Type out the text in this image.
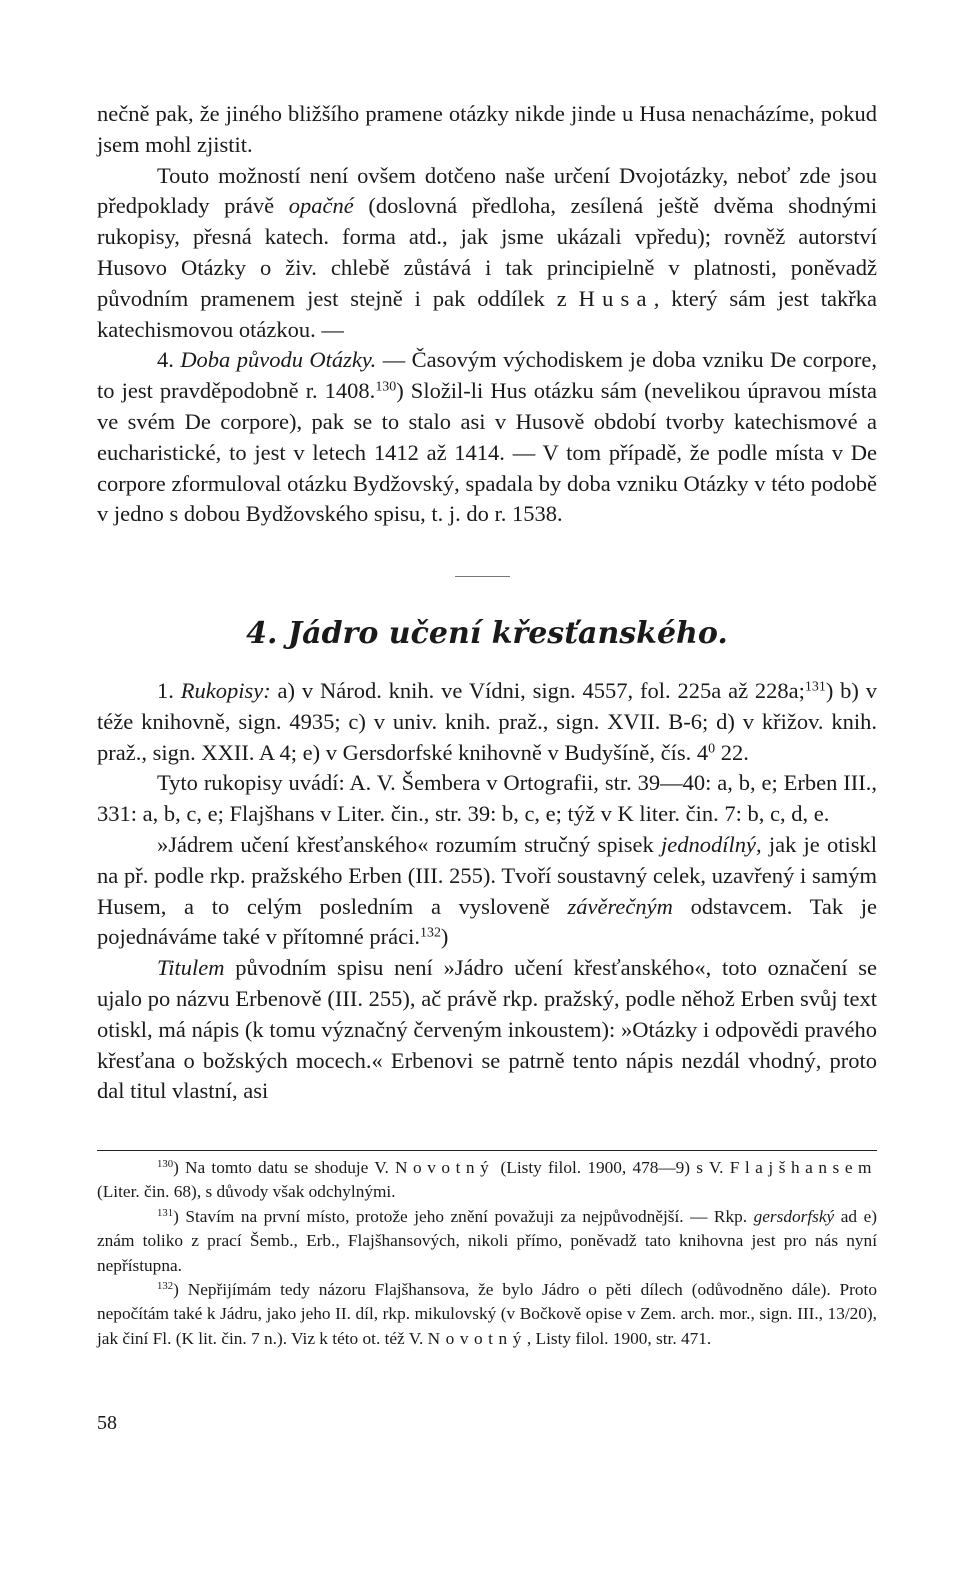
nečně pak, že jiného bližšího pramene otázky nikde jinde u Husa nenacházíme, pokud jsem mohl zjistit.

Touto možností není ovšem dotčeno naše určení Dvojotázky, neboť zde jsou předpoklady právě opačné (doslovná předloha, zesílená ještě dvěma shodnými rukopisy, přesná katech. forma atd., jak jsme ukázali vpředu); rovněž autorství Husovo Otázky o živ. chlebě zůstává i tak principielně v platnosti, poněvadž původním pramenem jest stejně i pak oddílek z Husa, který sám jest takřka katechismovou otázkou. —

4. Doba původu Otázky. — Časovým východiskem je doba vzniku De corpore, to jest pravděpodobně r. 1408.$^{130}$) Složil-li Hus otázku sám (nevelikou úpravou místa ve svém De corpore), pak se to stalo asi v Husově období tvorby katechismové a eucharistické, to jest v letech 1412 až 1414. — V tom případě, že podle místa v De corpore zformuloval otázku Bydžovský, spadala by doba vzniku Otázky v této podobě v jedno s dobou Bydžovského spisu, t. j. do r. 1538.

4. Jádro učení křesťanského.

1. Rukopisy: a) v Národ. knih. ve Vídni, sign. 4557, fol. 225a až 228a;$^{131}$) b) v téže knihovně, sign. 4935; c) v univ. knih. praž., sign. XVII. B-6; d) v křižov. knih. praž., sign. XXII. A 4; e) v Gersdorfské knihovně v Budyšíně, čís. $4^0$ 22.

Tyto rukopisy uvádí: A. V. Šembera v Ortografii, str. 39—40: a, b, e; Erben III., 331: a, b, c, e; Flajšhans v Liter. čin., str. 39: b, c, e; týž v K liter. čin. 7: b, c, d, e.

»Jádrem učení křesťanského« rozumím stručný spisek jednodílný, jak je otiskl na př. podle rkp. pražského Erben (III. 255). Tvoří soustavný celek, uzavřený i samým Husem, a to celým posledním a vysloveně závěrečným odstavcem. Tak je pojednáváme také v přítomné práci.$^{132}$)

Titulem původním spisu není »Jádro učení křesťanského«, toto označení se ujalo po názvu Erbenově (III. 255), ač právě rkp. pražský, podle něhož Erben svůj text otiskl, má nápis (k tomu význačný červeným inkoustem): »Otázky i odpovědi pravého křesťana o božských mocech.« Erbenovi se patrně tento nápis nezdál vhodný, proto dal titul vlastní, asi

$^{130}$) Na tomto datu se shoduje V. Novotný (Listy filol. 1900, 478—9) s V. Flajšhansem (Liter. čin. 68), s důvody však odchylnými.

$^{131}$) Stavím na první místo, protože jeho znění považuji za nejpůvodnější. — Rkp. gersdorfský ad e) znám toliko z prací Šemb., Erb., Flajšhansových, nikoli přímo, poněvadž tato knihovna jest pro nás nyní nepřístupna.

$^{132}$) Nepřijímám tedy názoru Flajšhansova, že bylo Jádro o pěti dílech (odůvodněno dále). Proto nepočítám také k Jádru, jako jeho II. díl, rkp. mikulovský (v Bočkově opise v Zem. arch. mor., sign. III., 13/20), jak činí Fl. (K lit. čin. 7 n.). Viz k této ot. též V. Novotný, Listy filol. 1900, str. 471.

58
